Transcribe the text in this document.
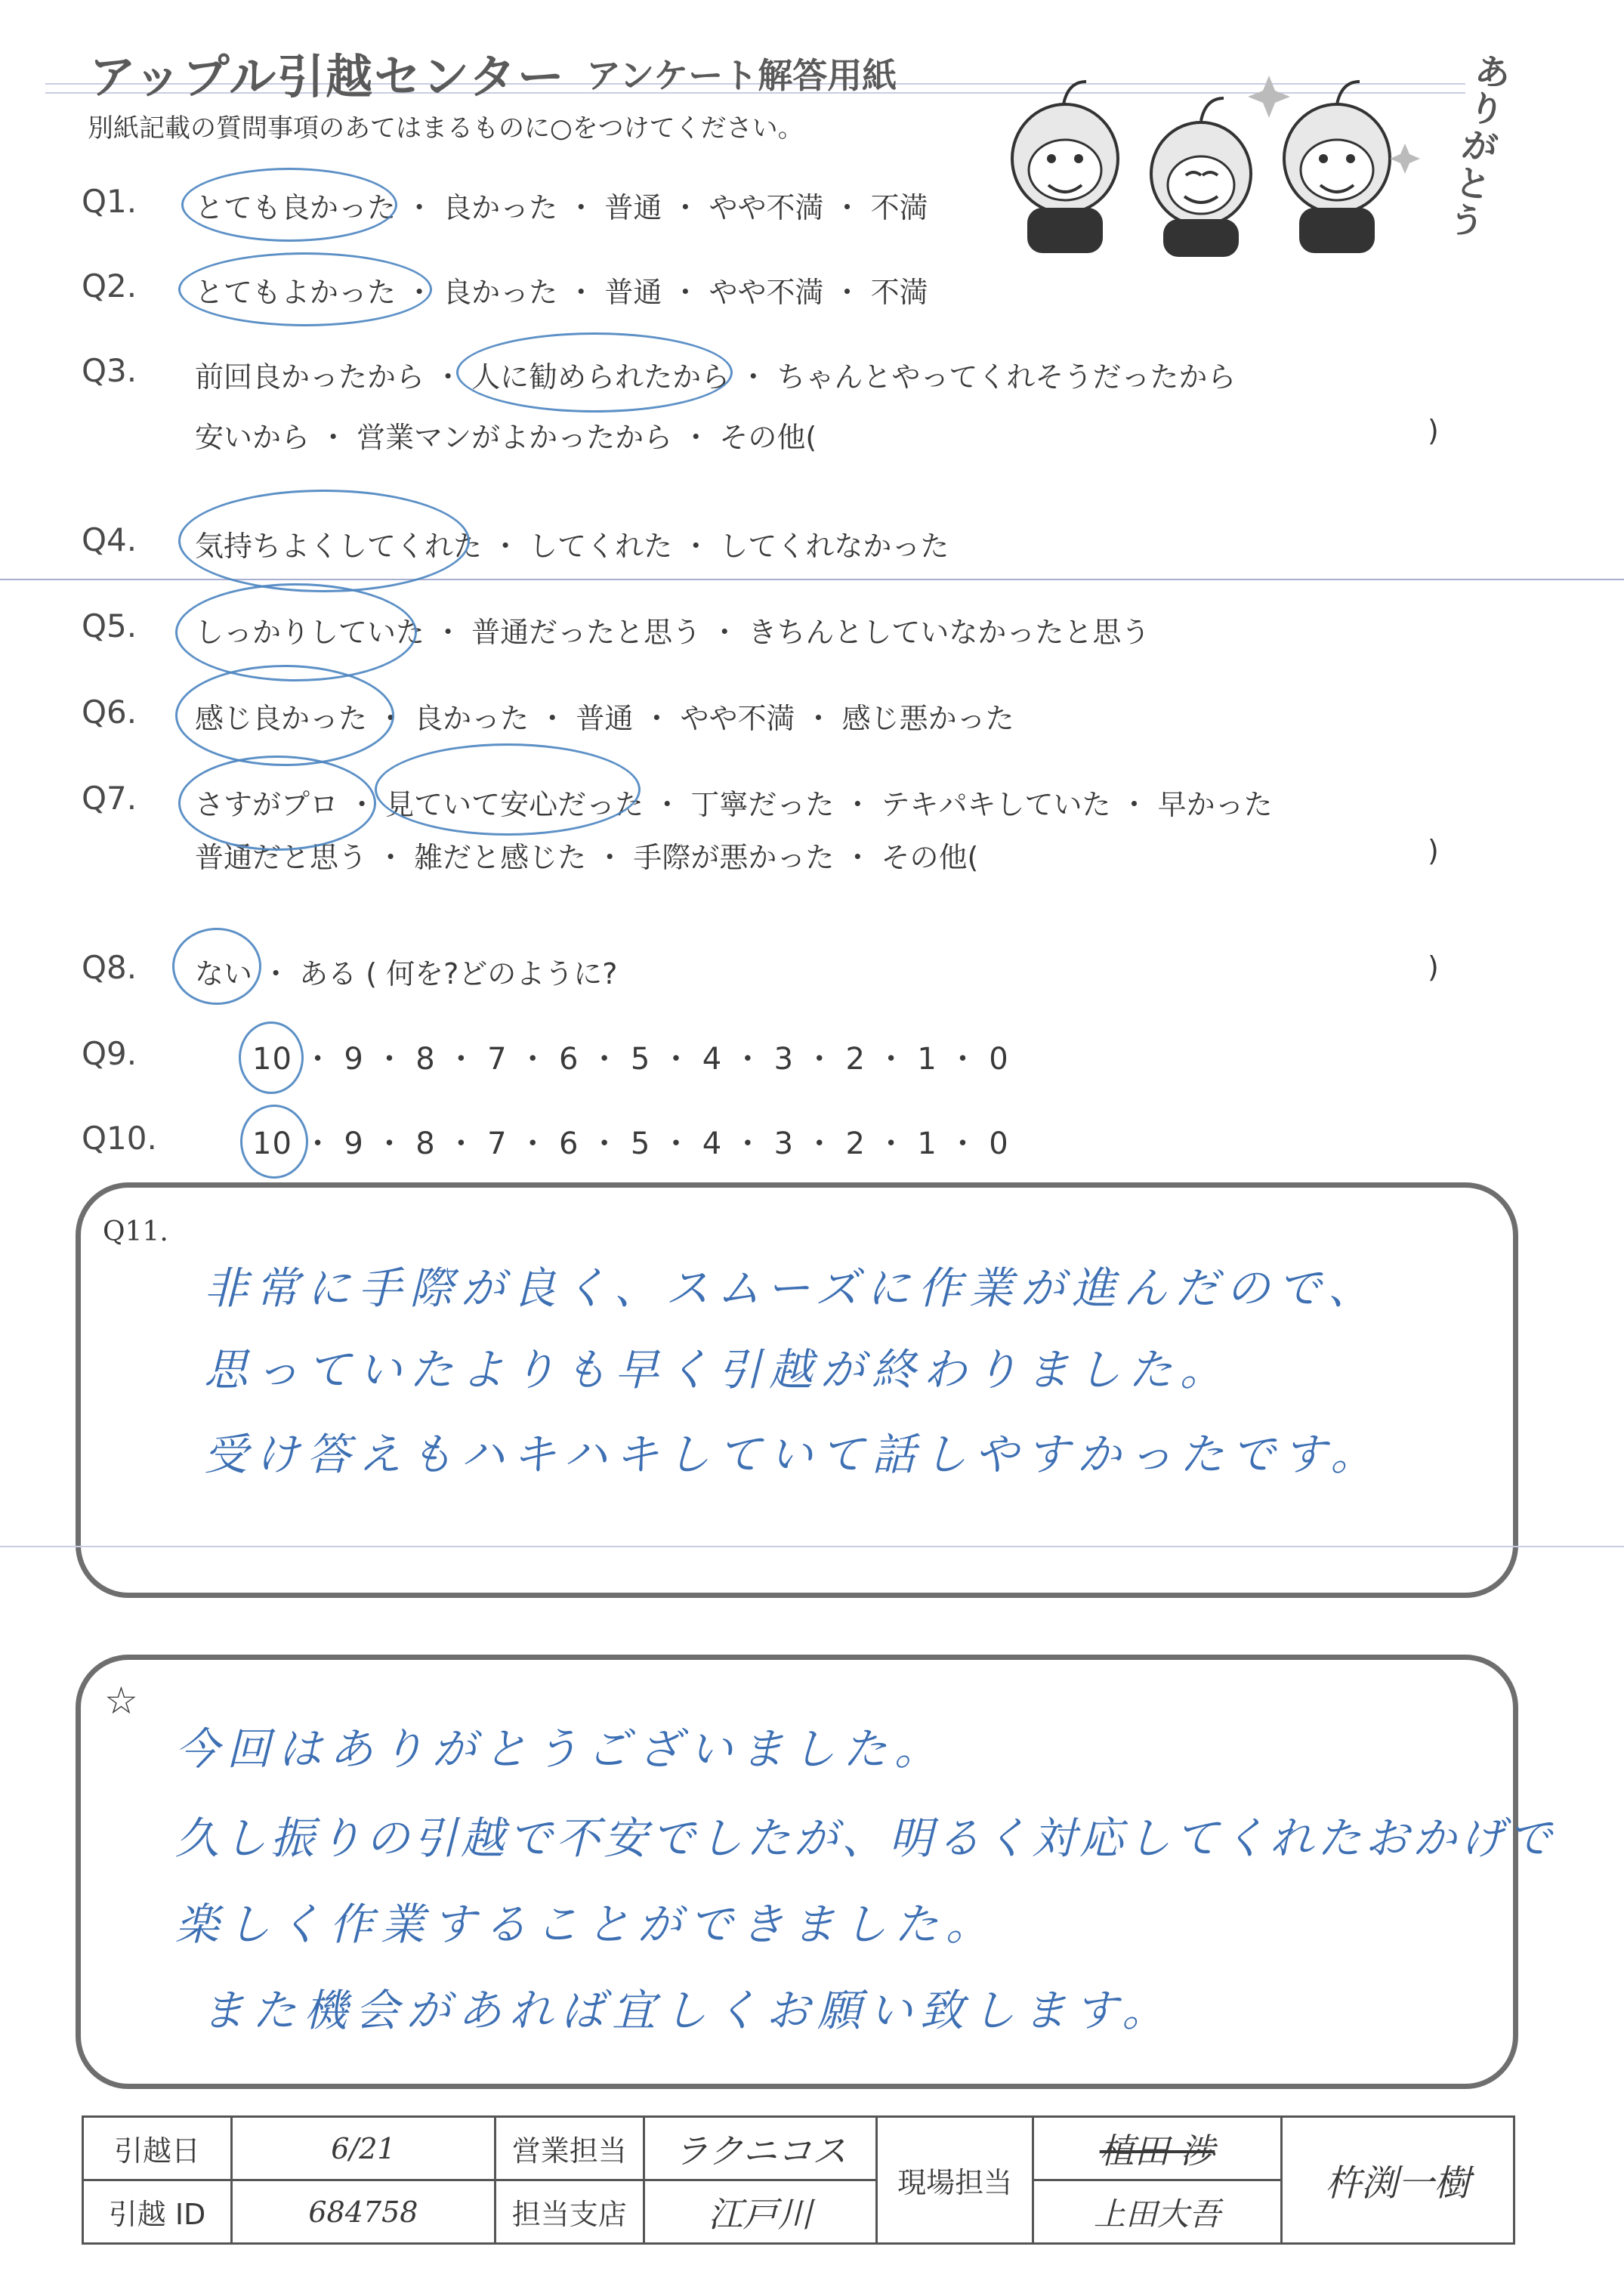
アップル引越センター アンケート解答用紙
別紙記載の質問事項のあてはまるものに○をつけてください。
ありがとう
Q1. とても良かった ・ 良かった ・ 普通 ・ やや不満 ・ 不満
Q2. とてもよかった ・ 良かった ・ 普通 ・ やや不満 ・ 不満
Q3. 前回良かったから ・ 人に勧められたから ・ ちゃんとやってくれそうだったから
安いから ・ 営業マンがよかったから ・ その他(	)
Q4. 気持ちよくしてくれた ・ してくれた ・ してくれなかった
Q5. しっかりしていた ・ 普通だったと思う ・ きちんとしていなかったと思う
Q6. 感じ良かった ・ 良かった ・ 普通 ・ やや不満 ・ 感じ悪かった
Q7. さすがプロ ・ 見ていて安心だった ・ 丁寧だった ・ テキパキしていた ・ 早かった
普通だと思う ・ 雑だと感じた ・ 手際が悪かった ・ その他(	)
Q8. ない ・ ある ( 何を?どのように?	)
Q9.	10 ・ 9 ・ 8 ・ 7 ・ 6 ・ 5 ・ 4 ・ 3 ・ 2 ・ 1 ・ 0
Q10.	10 ・ 9 ・ 8 ・ 7 ・ 6 ・ 5 ・ 4 ・ 3 ・ 2 ・ 1 ・ 0
Q11.
非常に手際が良く、スムーズに作業が進んだので、
思っていたよりも早く引越が終わりました。
受け答えもハキハキしていて話しやすかったです。
☆
今回はありがとうございました。
久し振りの引越で不安でしたが、明るく対応してくれたおかげで
楽しく作業することができました。
また機会があれば宜しくお願い致します。
引越日	6/21	営業担当	ラクニコス	現場担当	植田 渉	杵渕一樹
引越 ID	684758	担当支店	江戸川		上田大吾	
